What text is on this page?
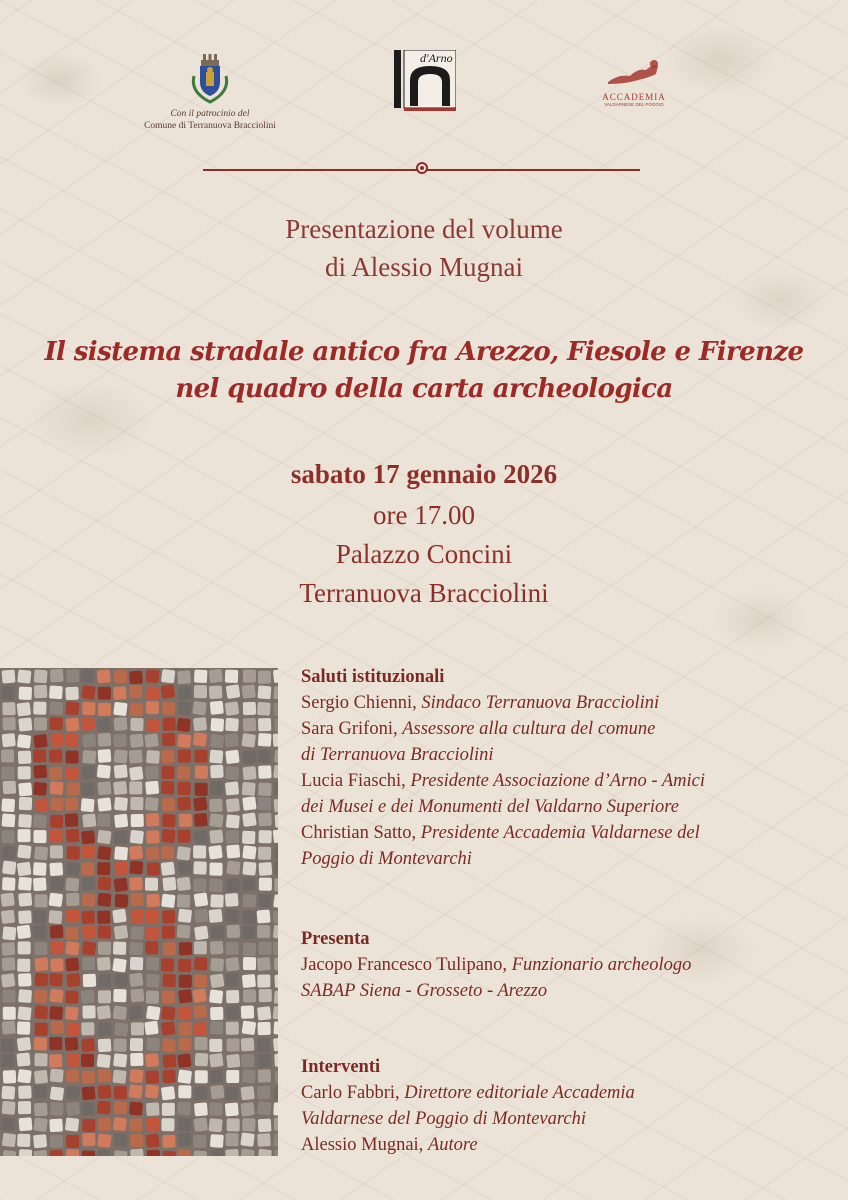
Con il patrocinio del
Comune di Terranuova Bracciolini
d'Arno
ACCADEMIA
VALDARNESE DEL POGGIO
Presentazione del volume
di Alessio Mugnai
Il sistema stradale antico fra Arezzo, Fiesole e Firenze
nel quadro della carta archeologica
sabato 17 gennaio 2026
ore 17.00
Palazzo Concini
Terranuova Bracciolini
Saluti istituzionali
Sergio Chienni, Sindaco Terranuova Bracciolini
Sara Grifoni, Assessore alla cultura del comune
di Terranuova Bracciolini
Lucia Fiaschi, Presidente Associazione d’Arno - Amici
dei Musei e dei Monumenti del Valdarno Superiore
Christian Satto, Presidente Accademia Valdarnese del
Poggio di Montevarchi
Presenta
Jacopo Francesco Tulipano, Funzionario archeologo
SABAP Siena - Grosseto - Arezzo
Interventi
Carlo Fabbri, Direttore editoriale Accademia
Valdarnese del Poggio di Montevarchi
Alessio Mugnai, Autore
